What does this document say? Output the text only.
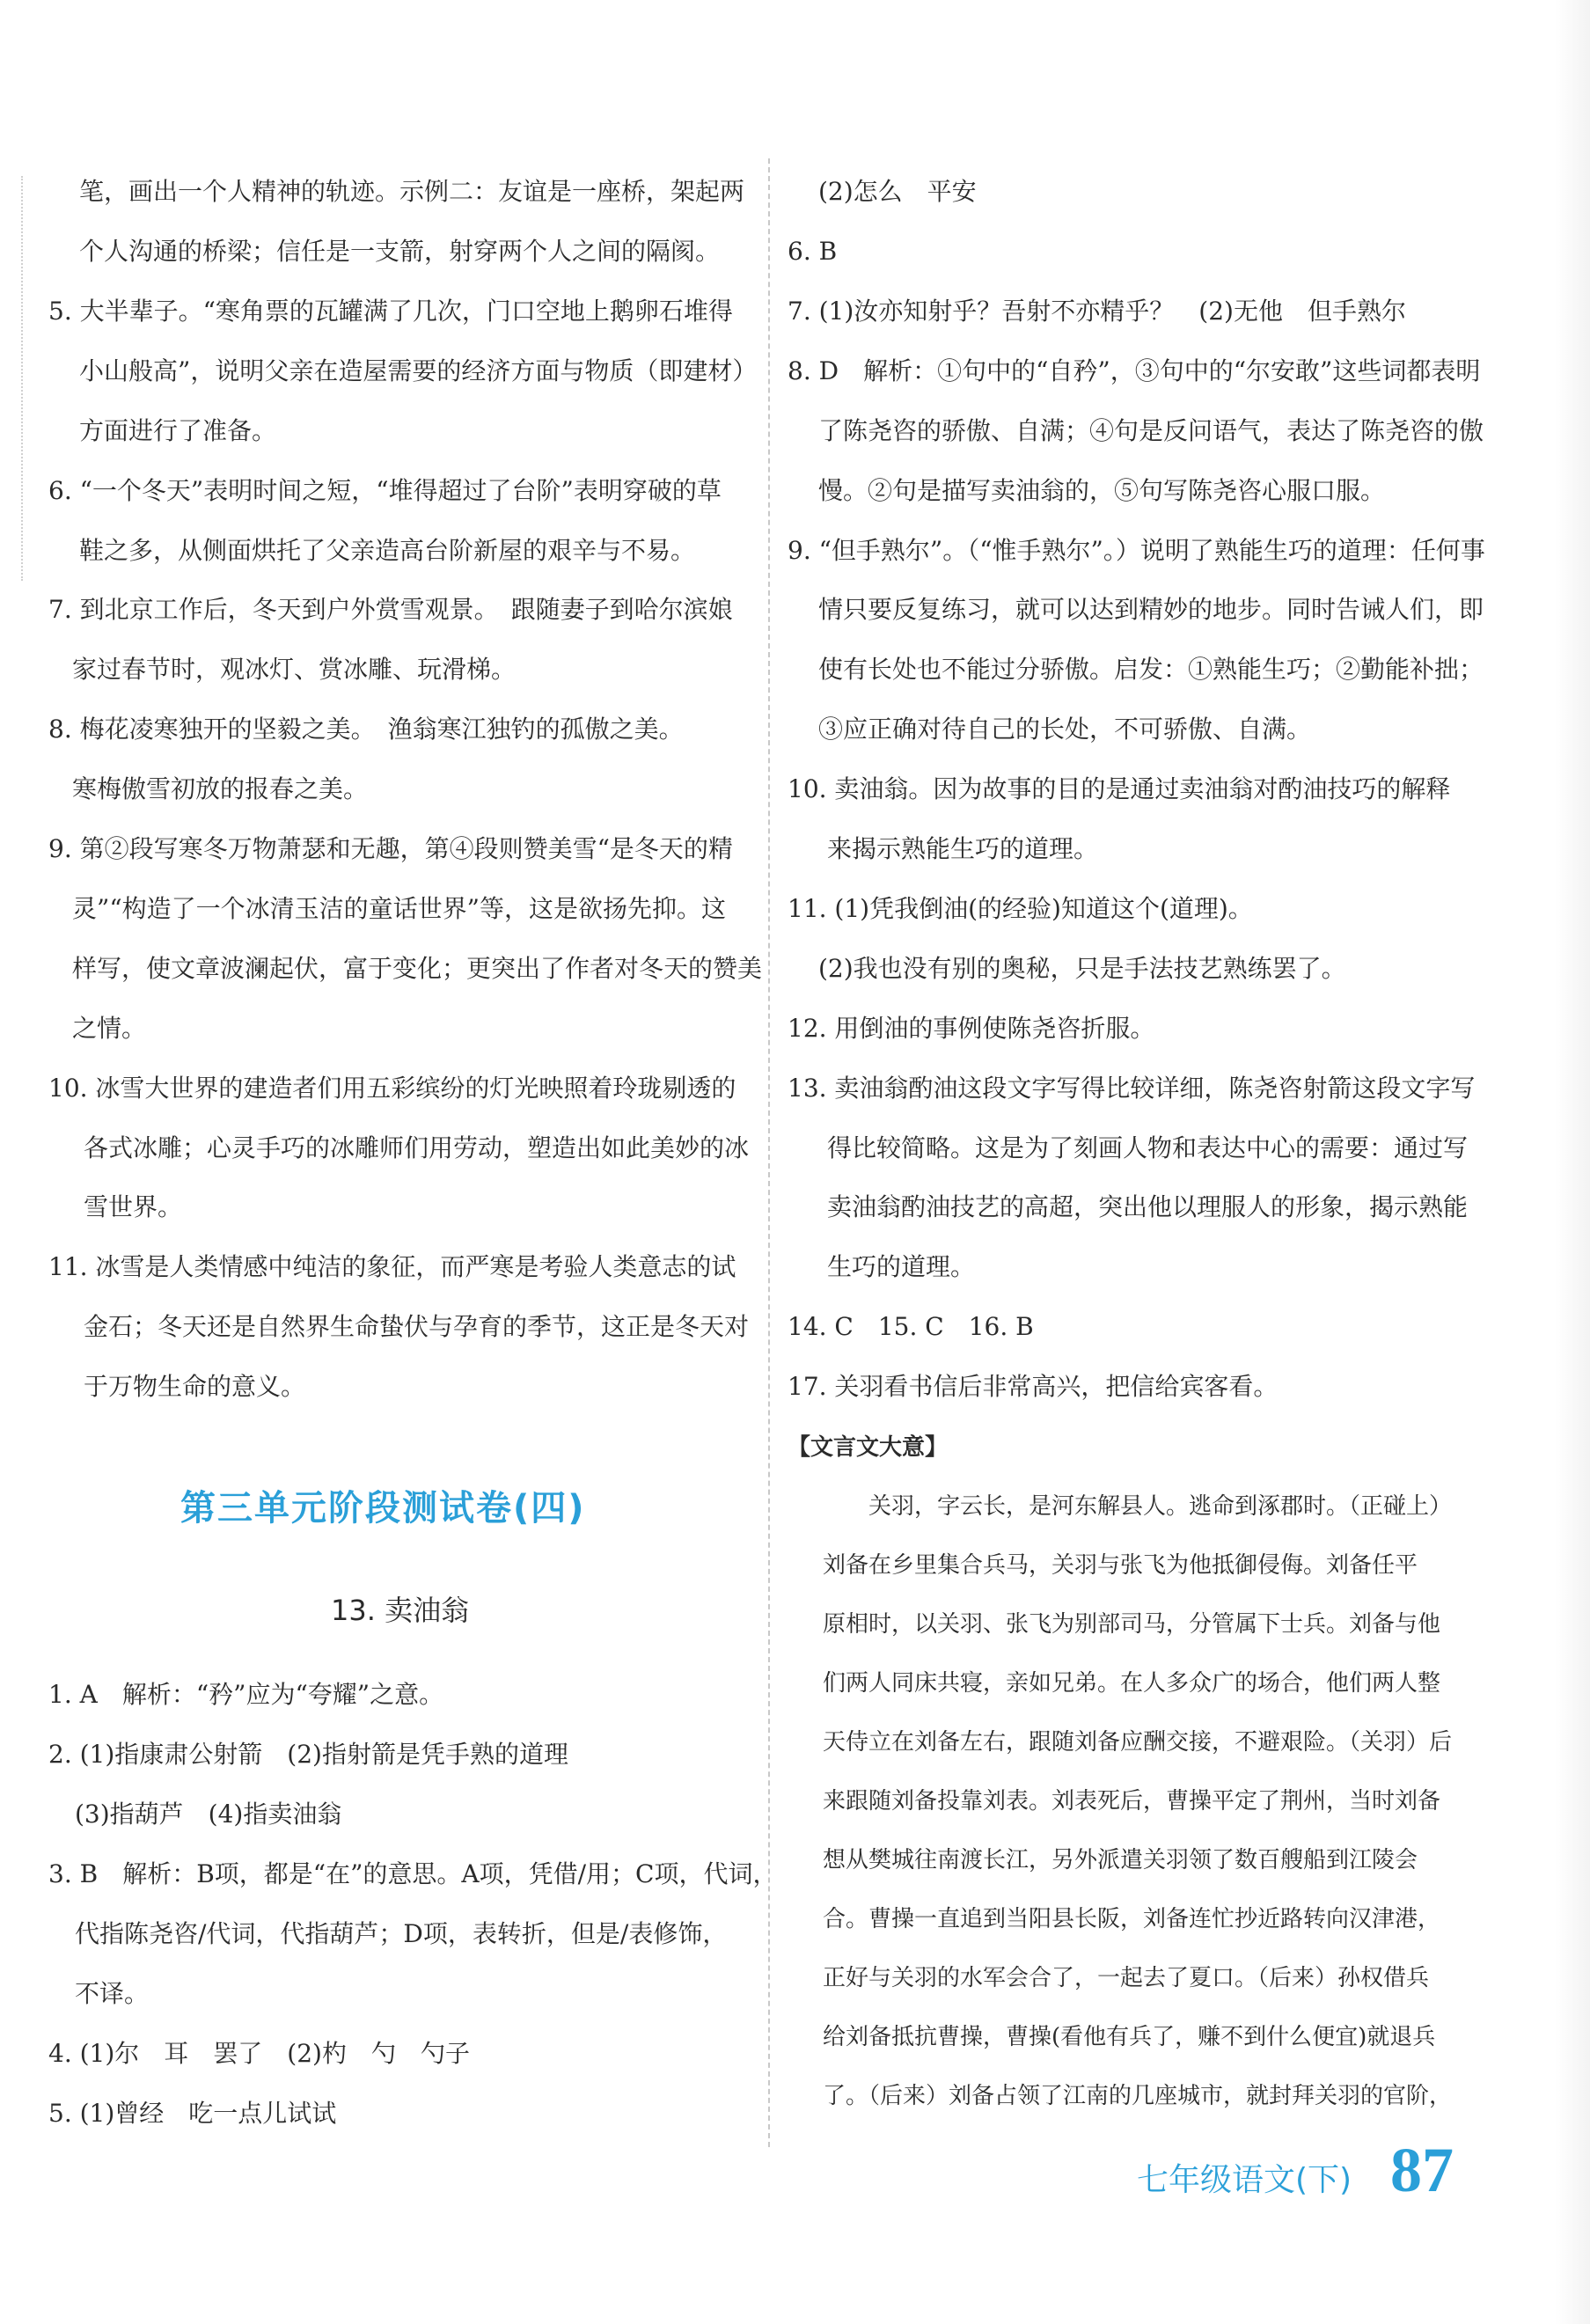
笔，画出一个人精神的轨迹。示例二：友谊是一座桥，架起两
个人沟通的桥梁；信任是一支箭，射穿两个人之间的隔阂。
5. 大半辈子。“寒角票的瓦罐满了几次，门口空地上鹅卵石堆得
小山般高”，说明父亲在造屋需要的经济方面与物质（即建材）
方面进行了准备。
6. “一个冬天”表明时间之短，“堆得超过了台阶”表明穿破的草
鞋之多，从侧面烘托了父亲造高台阶新屋的艰辛与不易。
7. 到北京工作后，冬天到户外赏雪观景。　跟随妻子到哈尔滨娘
家过春节时，观冰灯、赏冰雕、玩滑梯。
8. 梅花凌寒独开的坚毅之美。　渔翁寒江独钓的孤傲之美。
寒梅傲雪初放的报春之美。
9. 第②段写寒冬万物萧瑟和无趣，第④段则赞美雪“是冬天的精
灵”“构造了一个冰清玉洁的童话世界”等，这是欲扬先抑。这
样写，使文章波澜起伏，富于变化；更突出了作者对冬天的赞美
之情。
10. 冰雪大世界的建造者们用五彩缤纷的灯光映照着玲珑剔透的
各式冰雕；心灵手巧的冰雕师们用劳动，塑造出如此美妙的冰
雪世界。
11. 冰雪是人类情感中纯洁的象征，而严寒是考验人类意志的试
金石；冬天还是自然界生命蛰伏与孕育的季节，这正是冬天对
于万物生命的意义。
第三单元阶段测试卷(四)
13. 卖油翁
1. A　解析：“矜”应为“夸耀”之意。
2. (1)指康肃公射箭　(2)指射箭是凭手熟的道理
(3)指葫芦　(4)指卖油翁
3. B　解析：B项，都是“在”的意思。A项，凭借/用；C项，代词，
代指陈尧咨/代词，代指葫芦；D项，表转折，但是/表修饰，
不译。
4. (1)尔　耳　罢了　(2)杓　勺　勺子
5. (1)曾经　吃一点儿试试
(2)怎么　平安
6. B
7. (1)汝亦知射乎？吾射不亦精乎？　(2)无他　但手熟尔
8. D　解析：①句中的“自矜”，③句中的“尔安敢”这些词都表明
了陈尧咨的骄傲、自满；④句是反问语气，表达了陈尧咨的傲
慢。②句是描写卖油翁的，⑤句写陈尧咨心服口服。
9. “但手熟尔”。（“惟手熟尔”。）说明了熟能生巧的道理：任何事
情只要反复练习，就可以达到精妙的地步。同时告诫人们，即
使有长处也不能过分骄傲。启发：①熟能生巧；②勤能补拙；
③应正确对待自己的长处，不可骄傲、自满。
10. 卖油翁。因为故事的目的是通过卖油翁对酌油技巧的解释
来揭示熟能生巧的道理。
11. (1)凭我倒油(的经验)知道这个(道理)。
(2)我也没有别的奥秘，只是手法技艺熟练罢了。
12. 用倒油的事例使陈尧咨折服。
13. 卖油翁酌油这段文字写得比较详细，陈尧咨射箭这段文字写
得比较简略。这是为了刻画人物和表达中心的需要：通过写
卖油翁酌油技艺的高超，突出他以理服人的形象，揭示熟能
生巧的道理。
14. C　15. C　16. B
17. 关羽看书信后非常高兴，把信给宾客看。
【文言文大意】
　　关羽，字云长，是河东解县人。逃命到涿郡时。（正碰上）
刘备在乡里集合兵马，关羽与张飞为他抵御侵侮。刘备任平
原相时，以关羽、张飞为别部司马，分管属下士兵。刘备与他
们两人同床共寝，亲如兄弟。在人多众广的场合，他们两人整
天侍立在刘备左右，跟随刘备应酬交接，不避艰险。（关羽）后
来跟随刘备投靠刘表。刘表死后，曹操平定了荆州，当时刘备
想从樊城往南渡长江，另外派遣关羽领了数百艘船到江陵会
合。曹操一直追到当阳县长阪，刘备连忙抄近路转向汉津港，
正好与关羽的水军会合了，一起去了夏口。（后来）孙权借兵
给刘备抵抗曹操，曹操(看他有兵了，赚不到什么便宜)就退兵
了。（后来）刘备占领了江南的几座城市，就封拜关羽的官阶，
七年级语文(下) 87
